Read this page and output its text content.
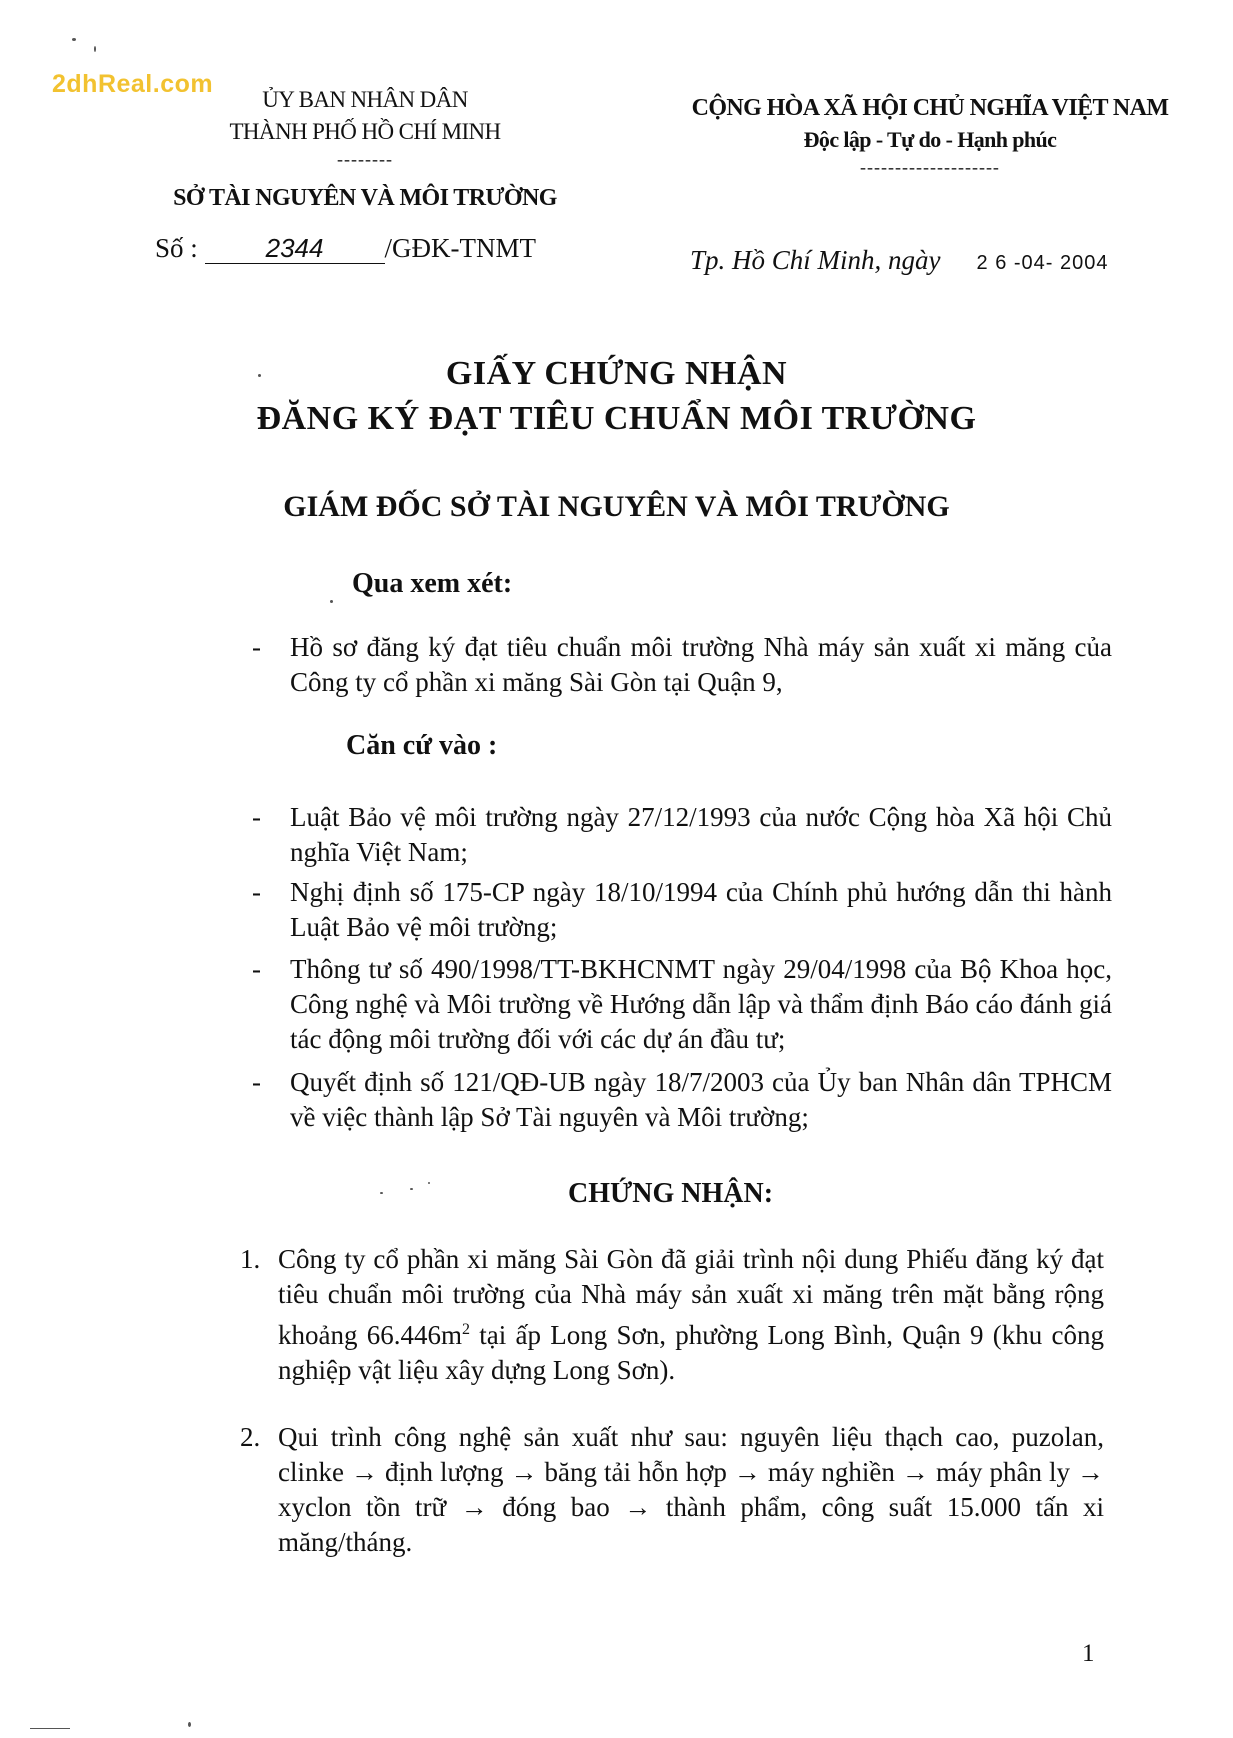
2dhReal.com
ỦY BAN NHÂN DÂN
THÀNH PHỐ HỒ CHÍ MINH
--------
SỞ TÀI NGUYÊN VÀ MÔI TRƯỜNG
Số :	2344 /GĐK-TNMT
CỘNG HÒA XÃ HỘI CHỦ NGHĨA VIỆT NAM
Độc lập - Tự do - Hạnh phúc
--------------------
Tp. Hồ Chí Minh, ngày 2 6 -04- 2004
GIẤY CHỨNG NHẬN
ĐĂNG KÝ ĐẠT TIÊU CHUẨN MÔI TRƯỜNG
GIÁM ĐỐC SỞ TÀI NGUYÊN VÀ MÔI TRƯỜNG
Qua xem xét:
-	Hồ sơ đăng ký đạt tiêu chuẩn môi trường Nhà máy sản xuất xi măng của Công ty cổ phần xi măng Sài Gòn tại Quận 9,
Căn cứ vào :
-	Luật Bảo vệ môi trường ngày 27/12/1993 của nước Cộng hòa Xã hội Chủ nghĩa Việt Nam;
-	Nghị định số 175-CP ngày 18/10/1994 của Chính phủ hướng dẫn thi hành Luật Bảo vệ môi trường;
-	Thông tư số 490/1998/TT-BKHCNMT ngày 29/04/1998 của Bộ Khoa học, Công nghệ và Môi trường về Hướng dẫn lập và thẩm định Báo cáo đánh giá tác động môi trường đối với các dự án đầu tư;
-	Quyết định số 121/QĐ-UB ngày 18/7/2003 của Ủy ban Nhân dân TPHCM về việc thành lập Sở Tài nguyên và Môi trường;
CHỨNG NHẬN:
1. Công ty cổ phần xi măng Sài Gòn đã giải trình nội dung Phiếu đăng ký đạt tiêu chuẩn môi trường của Nhà máy sản xuất xi măng trên mặt bằng rộng khoảng $66.446m^2$ tại ấp Long Sơn, phường Long Bình, Quận 9 (khu công nghiệp vật liệu xây dựng Long Sơn).
2. Qui trình công nghệ sản xuất như sau: nguyên liệu thạch cao, puzolan, clinke → định lượng → băng tải hỗn hợp → máy nghiền → máy phân ly → xyclon tồn trữ → đóng bao → thành phẩm, công suất 15.000 tấn xi măng/tháng.
1
